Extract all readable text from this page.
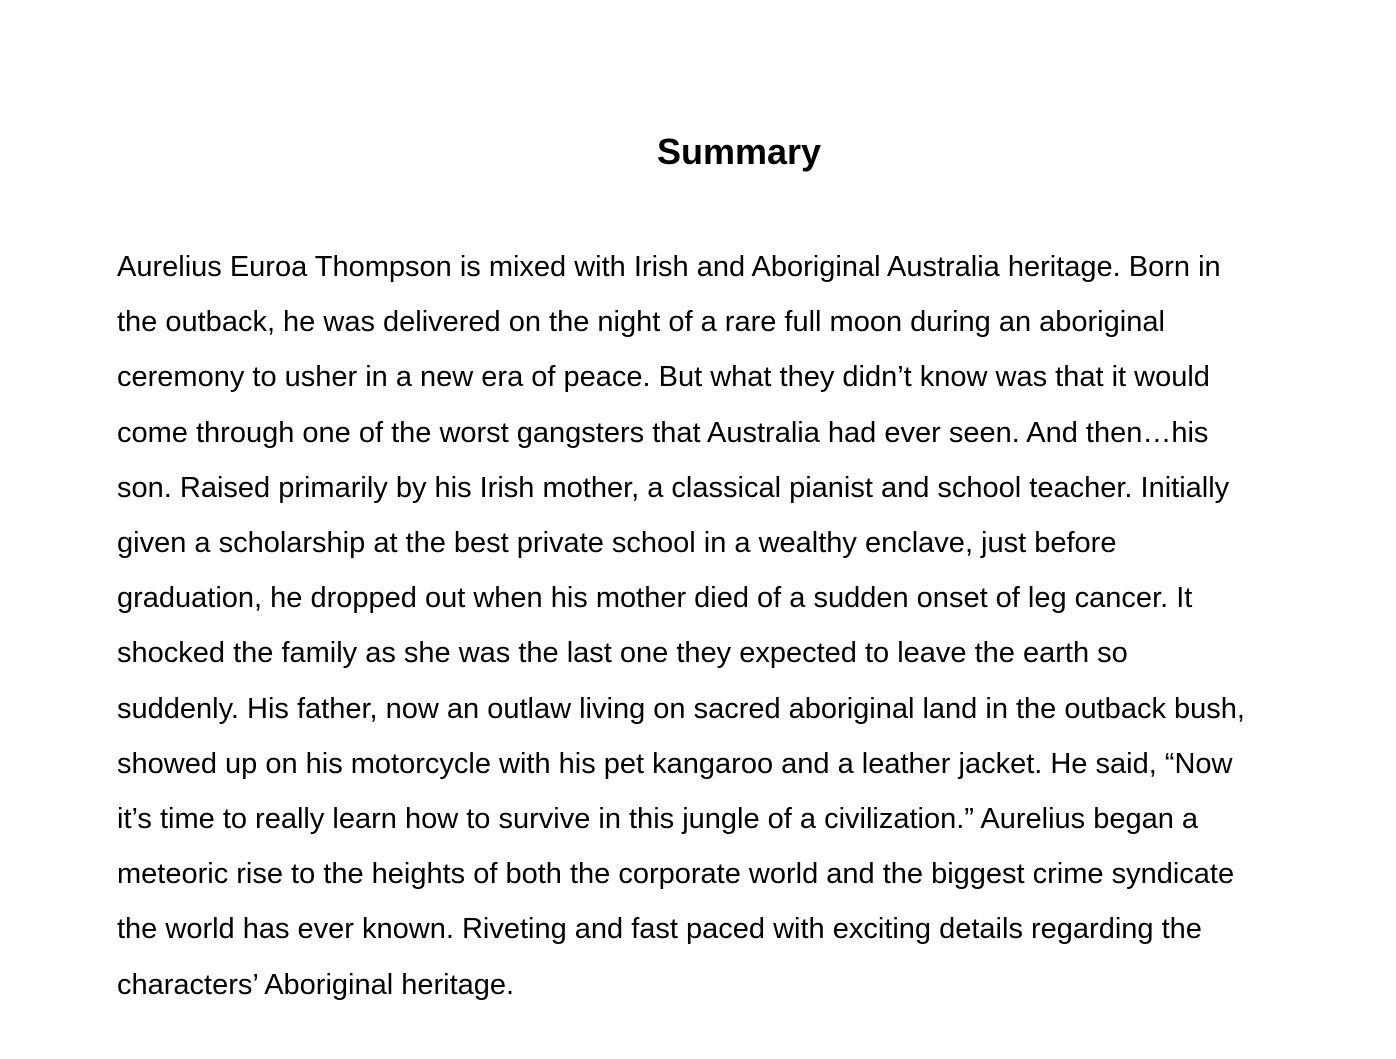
Summary

Aurelius Euroa Thompson is mixed with Irish and Aboriginal Australia heritage. Born in
the outback, he was delivered on the night of a rare full moon during an aboriginal
ceremony to usher in a new era of peace. But what they didn’t know was that it would
come through one of the worst gangsters that Australia had ever seen. And then…his
son. Raised primarily by his Irish mother, a classical pianist and school teacher. Initially
given a scholarship at the best private school in a wealthy enclave, just before
graduation, he dropped out when his mother died of a sudden onset of leg cancer. It
shocked the family as she was the last one they expected to leave the earth so
suddenly. His father, now an outlaw living on sacred aboriginal land in the outback bush,
showed up on his motorcycle with his pet kangaroo and a leather jacket. He said, “Now
it’s time to really learn how to survive in this jungle of a civilization.” Aurelius began a
meteoric rise to the heights of both the corporate world and the biggest crime syndicate
the world has ever known. Riveting and fast paced with exciting details regarding the
characters’ Aboriginal heritage.
